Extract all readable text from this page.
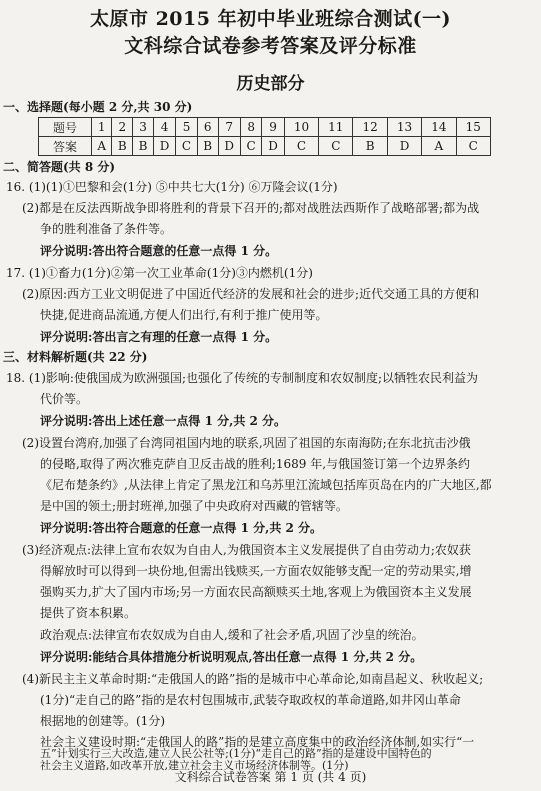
太原市 2015 年初中毕业班综合测试(一)
文科综合试卷参考答案及评分标准
历史部分
一、选择题(每小题 2 分,共 30 分)
题号	1	2	3	4	5	6	7	8	9	10	11	12	13	14	15
答案	A	B	B	D	C	B	D	C	D	C	C	B	D	A	C
二、简答题(共 8 分)
16. (1)(1)①巴黎和会(1分) ⑤中共七大(1分) ⑥万隆会议(1分)
(2)都是在反法西斯战争即将胜利的背景下召开的;都对战胜法西斯作了战略部署;都为战
争的胜利准备了条件等。
评分说明:答出符合题意的任意一点得 1 分。
17. (1)①畜力(1分)②第一次工业革命(1分)③内燃机(1分)
(2)原因:西方工业文明促进了中国近代经济的发展和社会的进步;近代交通工具的方便和
快捷,促进商品流通,方便人们出行,有利于推广使用等。
评分说明:答出言之有理的任意一点得 1 分。
三、材料解析题(共 22 分)
18. (1)影响:使俄国成为欧洲强国;也强化了传统的专制制度和农奴制度;以牺牲农民利益为
代价等。
评分说明:答出上述任意一点得 1 分,共 2 分。
(2)设置台湾府,加强了台湾同祖国内地的联系,巩固了祖国的东南海防;在东北抗击沙俄
的侵略,取得了两次雅克萨自卫反击战的胜利;1689 年,与俄国签订第一个边界条约
《尼布楚条约》,从法律上肯定了黑龙江和乌苏里江流域包括库页岛在内的广大地区,都
是中国的领土;册封班禅,加强了中央政府对西藏的管辖等。
评分说明:答出符合题意的任意一点得 1 分,共 2 分。
(3)经济观点:法律上宣布农奴为自由人,为俄国资本主义发展提供了自由劳动力;农奴获
得解放时可以得到一块份地,但需出钱赎买,一方面农奴能够支配一定的劳动果实,增
强购买力,扩大了国内市场;另一方面农民高额赎买土地,客观上为俄国资本主义发展
提供了资本积累。
政治观点:法律宣布农奴成为自由人,缓和了社会矛盾,巩固了沙皇的统治。
评分说明:能结合具体措施分析说明观点,答出任意一点得 1 分,共 2 分。
(4)新民主主义革命时期:“走俄国人的路”指的是城市中心革命论,如南昌起义、秋收起义;
(1分)“走自己的路”指的是农村包围城市,武装夺取政权的革命道路,如井冈山革命
根据地的创建等。(1分)
社会主义建设时期:“走俄国人的路”指的是建立高度集中的政治经济体制,如实行“一
文科综合试卷答案 第 1 页 (共 4 页)
五”计划实行三大改造,建立人民公社等;(1分)“走自己的路”指的是建设中国特色的
社会主义道路,如改革开放,建立社会主义市场经济体制等。(1分)
